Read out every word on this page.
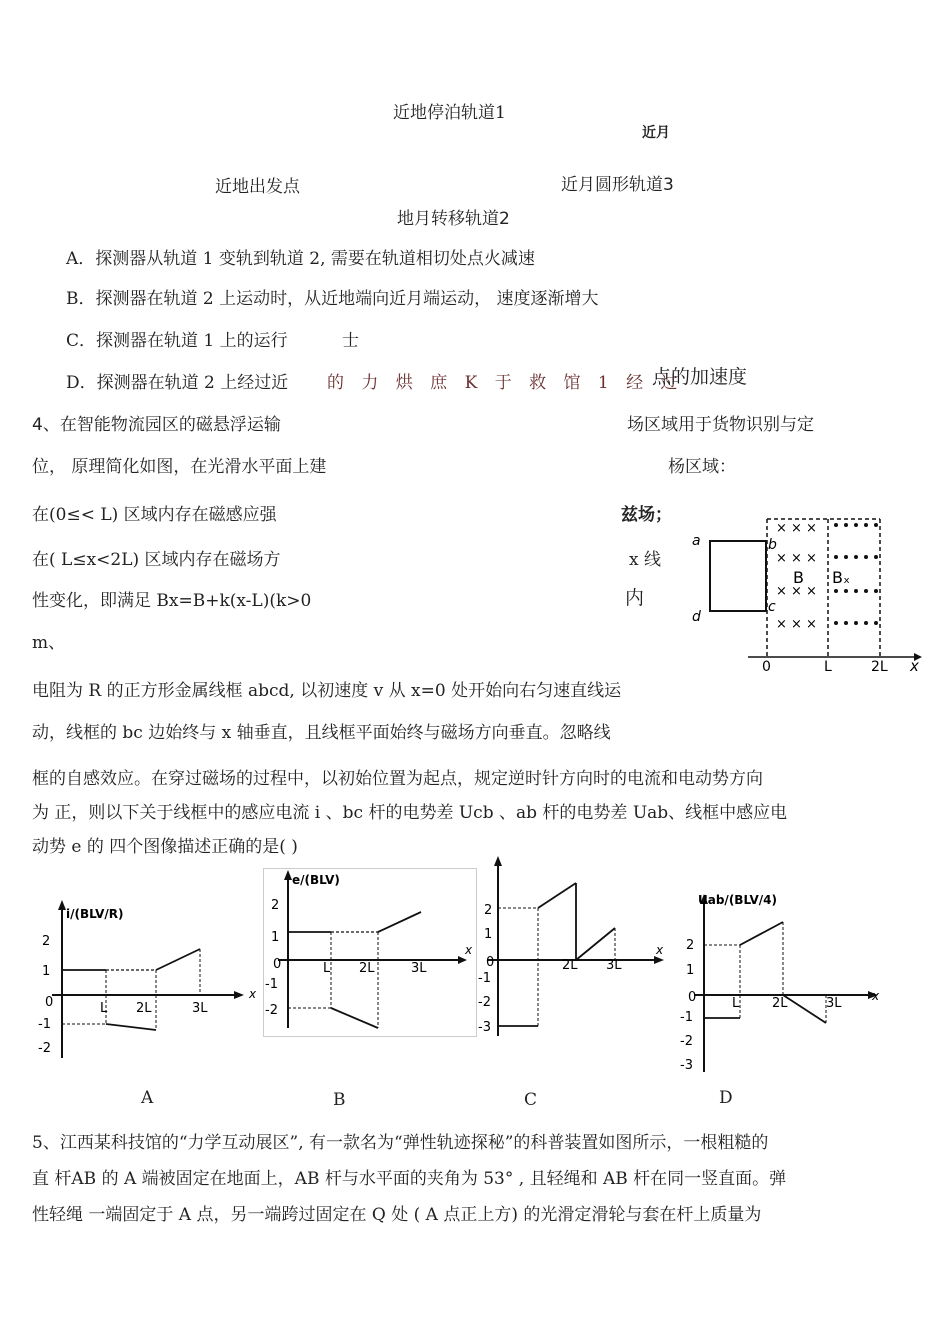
近地停泊轨道1
近月
近地出发点	近月圆形轨道3
地月转移轨道2
A．探测器从轨道 1 变轨到轨道 2, 需要在轨道相切处点火减速
B．探测器在轨道 2 上运动时，从近地端向近月端运动， 速度逐渐增大
C．探测器在轨道 1 上的运行	士
D．探测器在轨道 2 上经过近 的 力 烘 庶 K 于 救 馆 1 经 过
点的加速度
4、在智能物流园区的磁悬浮运输	场区域用于货物识别与定
位， 原理简化如图，在光滑水平面上建	杨区域：
在(0≤< L) 区域内存在磁感应强	兹场；
在( L≤x<2L) 区域内存在磁场方	x 线
性变化，即满足 Bx=B+k(x-L)(k>0	内
m、
电阻为 R 的正方形金属线框 abcd, 以初速度 v 从 x=0 处开始向右匀速直线运
动，线框的 bc 边始终与 x 轴垂直，且线框平面始终与磁场方向垂直。忽略线
框的自感效应。在穿过磁场的过程中，以初始位置为起点，规定逆时针方向时的电流和电动势方向
为 正，则以下关于线框中的感应电流 i 、bc 杆的电势差 Ucb 、ab 杆的电势差 Uab、线框中感应电
动势 e 的 四个图像描述正确的是( )
a	b
c
d
× × ×
× × ×
× × ×
× × ×
B Bₓ
0	L	2L x
i/(BLV/R)
x
2
1
0
-1
-2
L 2L	3L
A
e/(BLV)
x
2
1
0
-1
-2
L 2L	3L
B
x
2
1
0
-1
-2
-3
2L 3L
C
Uab/(BLV/4)
x
2
1
0
-1
-2
-3
L	2L	3L
D
5、江西某科技馆的“力学互动展区”, 有一款名为“弹性轨迹探秘”的科普装置如图所示，一根粗糙的
直 杆AB 的 A 端被固定在地面上，AB 杆与水平面的夹角为 53° , 且轻绳和 AB 杆在同一竖直面。弹
性轻绳 一端固定于 A 点，另一端跨过固定在 Q 处 ( A 点正上方) 的光滑定滑轮与套在杆上质量为
